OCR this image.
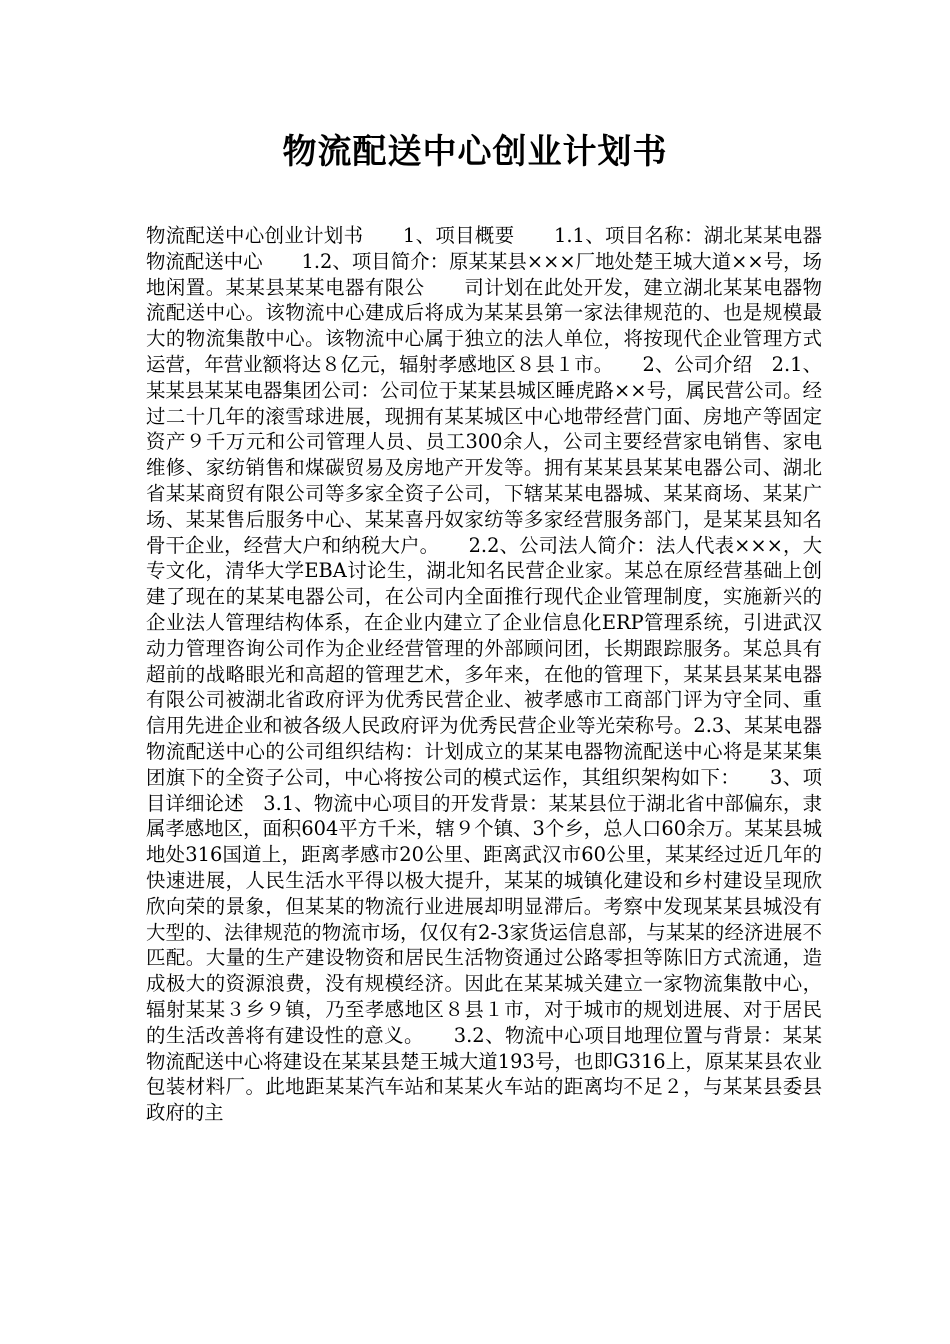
物流配送中心创业计划书

物流配送中心创业计划书　　1、项目概要　　1.1、项目名称：湖北某某电器物流配送中心　　1.2、项目简介：原某某县×××厂地处楚王城大道××号，场地闲置。某某县某某电器有限公　　司计划在此处开发，建立湖北某某电器物流配送中心。该物流中心建成后将成为某某县第一家法律规范的、也是规模最大的物流集散中心。该物流中心属于独立的法人单位，将按现代企业管理方式运营，年营业额将达８亿元，辐射孝感地区８县１市。　　2、公司介绍　2.1、某某县某某电器集团公司：公司位于某某县城区睡虎路××号，属民营公司。经过二十几年的滚雪球进展，现拥有某某城区中心地带经营门面、房地产等固定资产９千万元和公司管理人员、员工300余人，公司主要经营家电销售、家电维修、家纺销售和煤碳贸易及房地产开发等。拥有某某县某某电器公司、湖北省某某商贸有限公司等多家全资子公司，下辖某某电器城、某某商场、某某广场、某某售后服务中心、某某喜丹奴家纺等多家经营服务部门，是某某县知名骨干企业，经营大户和纳税大户。　　2.2、公司法人简介：法人代表×××，大专文化，清华大学EBA讨论生，湖北知名民营企业家。某总在原经营基础上创建了现在的某某电器公司，在公司内全面推行现代企业管理制度，实施新兴的企业法人管理结构体系，在企业内建立了企业信息化ERP管理系统，引进武汉动力管理咨询公司作为企业经营管理的外部顾问团，长期跟踪服务。某总具有超前的战略眼光和高超的管理艺术，多年来，在他的管理下，某某县某某电器有限公司被湖北省政府评为优秀民营企业、被孝感市工商部门评为守全同、重信用先进企业和被各级人民政府评为优秀民营企业等光荣称号。2.3、某某电器物流配送中心的公司组织结构：计划成立的某某电器物流配送中心将是某某集团旗下的全资子公司，中心将按公司的模式运作，其组织架构如下：　　3、项目详细论述　3.1、物流中心项目的开发背景：某某县位于湖北省中部偏东，隶属孝感地区，面积604平方千米，辖９个镇、3个乡，总人口60余万。某某县城地处316国道上，距离孝感市20公里、距离武汉市60公里，某某经过近几年的快速进展，人民生活水平得以极大提升，某某的城镇化建设和乡村建设呈现欣欣向荣的景象，但某某的物流行业进展却明显滞后。考察中发现某某县城没有大型的、法律规范的物流市场，仅仅有2-3家货运信息部，与某某的经济进展不匹配。大量的生产建设物资和居民生活物资通过公路零担等陈旧方式流通，造成极大的资源浪费，没有规模经济。因此在某某城关建立一家物流集散中心，辐射某某３乡９镇，乃至孝感地区８县１市，对于城市的规划进展、对于居民的生活改善将有建设性的意义。　　3.2、物流中心项目地理位置与背景：某某物流配送中心将建设在某某县楚王城大道193号，也即G316上，原某某县农业包装材料厂。此地距某某汽车站和某某火车站的距离均不足２，与某某县委县政府的主
